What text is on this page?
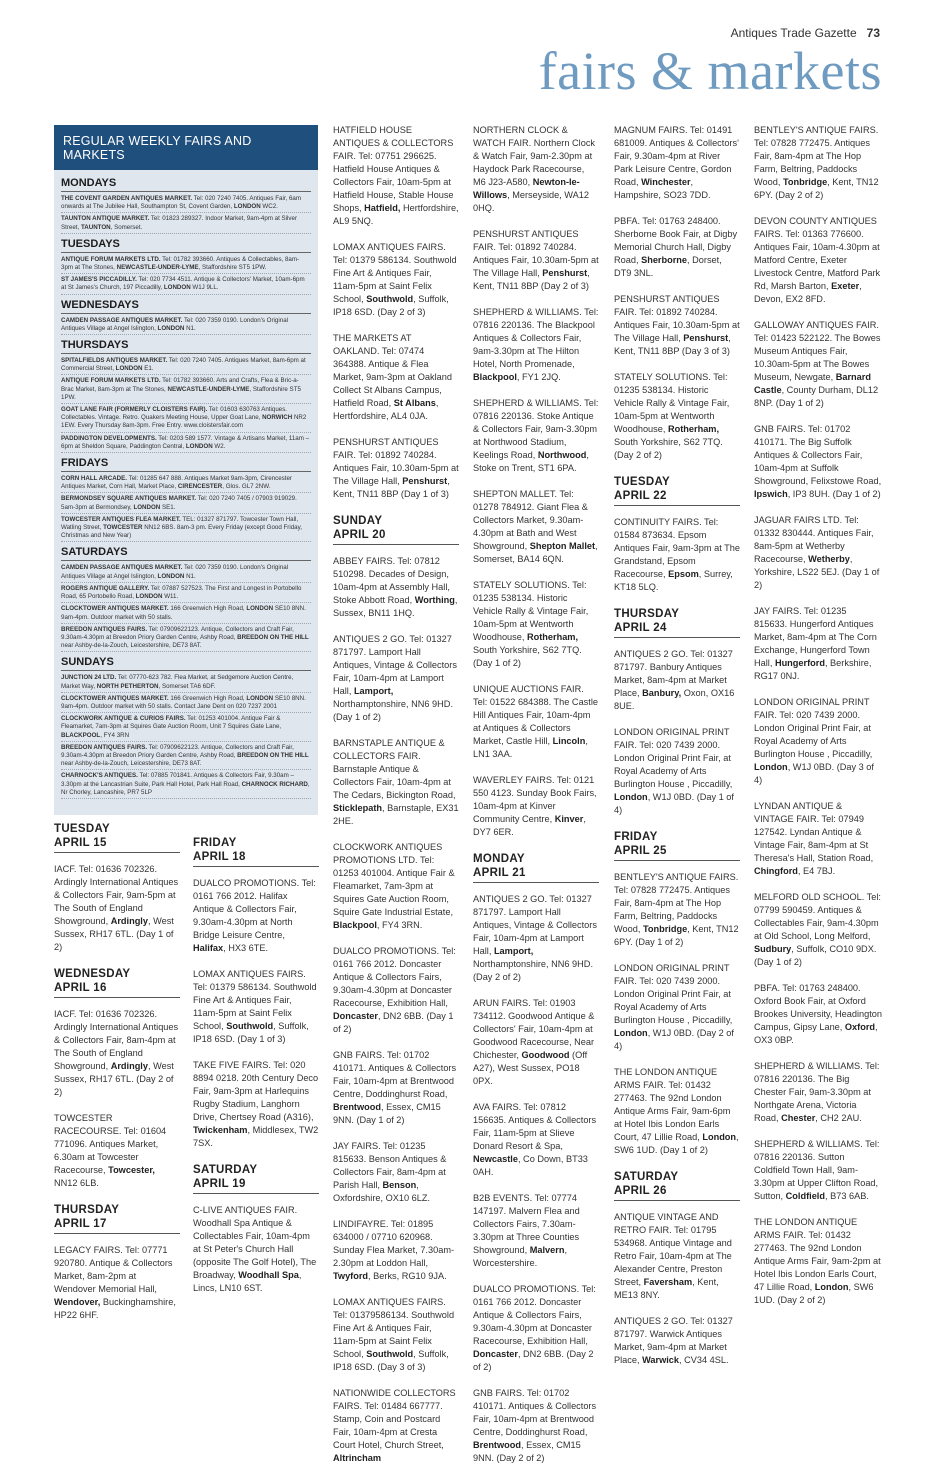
Antiques Trade Gazette 73
fairs & markets
REGULAR WEEKLY FAIRS AND MARKETS
MONDAYS
THE COVENT GARDEN ANTIQUES MARKET. Tel: 020 7240 7405. Antiques Fair, 6am onwards at The Jubilee Hall, Southampton St, Covent Garden, LONDON WC2.
TAUNTON ANTIQUE MARKET. Tel: 01823 289327. Indoor Market, 9am-4pm at Silver Street, TAUNTON, Somerset.
TUESDAYS
ANTIQUE FORUM MARKETS LTD. Tel: 01782 393660. Antiques & Collectables, 8am-3pm at The Stones, NEWCASTLE-UNDER-LYME, Staffordshire ST5 1PW.
ST JAMES'S PICCADILLY. Tel: 020 7734 4511. Antique & Collectors' Market, 10am-6pm at St James's Church, 197 Piccadilly, LONDON W1J 9LL.
WEDNESDAYS
CAMDEN PASSAGE ANTIQUES MARKET. Tel: 020 7359 0190. London's Original Antiques Village at Angel Islington, LONDON N1.
THURSDAYS
SPITALFIELDS ANTIQUES MARKET. Tel: 020 7240 7405. Antiques Market, 8am-6pm at Commercial Street, LONDON E1.
ANTIQUE FORUM MARKETS LTD. Tel: 01782 393660. Arts and Crafts, Flea & Bric-a-Brac Market, 8am-3pm at The Stones, NEWCASTLE-UNDER-LYME, Staffordshire ST5 1PW.
GOAT LANE FAIR (FORMERLY CLOISTERS FAIR). Tel: 01603 630763 Antiques. Collectables. Vintage. Retro. Quakers Meeting House, Upper Goat Lane, NORWICH NR2 1EW. Every Thursday 8am-3pm. Free Entry. www.cloistersfair.com
PADDINGTON DEVELOPMENTS. Tel: 0203 589 1577. Vintage & Artisans Market, 11am – 6pm at Sheldon Square, Paddington Central, LONDON W2.
FRIDAYS
CORN HALL ARCADE. Tel: 01285 647 888. Antiques Market 9am-3pm, Cirencester Antiques Market, Corn Hall, Market Place, CIRENCESTER, Glos. GL7 2NW.
BERMONDSEY SQUARE ANTIQUES MARKET. Tel: 020 7240 7405 / 07903 919029. 5am-3pm at Bermondsey, LONDON SE1.
TOWCESTER ANTIQUES FLEA MARKET. TEL: 01327 871797. Towcester Town Hall, Watling Street, TOWCESTER NN12 6BS. 8am-3 pm. Every Friday (except Good Friday, Christmas and New Year)
SATURDAYS
CAMDEN PASSAGE ANTIQUES MARKET. Tel: 020 7359 0190. London's Original Antiques Village at Angel Islington, LONDON N1.
ROGERS ANTIQUE GALLERY. Tel: 07887 527523. The First and Longest in Portobello Road, 65 Portobello Road, LONDON W11.
CLOCKTOWER ANTIQUES MARKET. 166 Greenwich High Road, LONDON SE10 8NN. 9am-4pm. Outdoor market with 50 stalls.
BREEDON ANTIQUES FAIRS. Tel: 07909622123. Antique, Collectors and Craft Fair, 9.30am-4.30pm at Breedon Priory Garden Centre, Ashby Road, BREEDON ON THE HILL near Ashby-de-la-Zouch, Leicestershire, DE73 8AT.
SUNDAYS
JUNCTION 24 LTD. Tel: 07770-623 782. Flea Market, at Sedgemore Auction Centre, Market Way, NORTH PETHERTON, Somerset TA6 6DF.
CLOCKTOWER ANTIQUES MARKET. 166 Greenwich High Road, LONDON SE10 8NN. 9am-4pm. Outdoor market with 50 stalls. Contact Jane Dent on 020 7237 2001
CLOCKWORK ANTIQUE & CURIOS FAIRS. Tel: 01253 401004. Antique Fair & Fleamarket, 7am-3pm at Squires Gate Auction Room, Unit 7 Squires Gate Lane, BLACKPOOL, FY4 3RN
BREEDON ANTIQUES FAIRS. Tel: 07909622123. Antique, Collectors and Craft Fair, 9.30am-4.30pm at Breedon Priory Garden Centre, Ashby Road, BREEDON ON THE HILL near Ashby-de-la-Zouch, Leicestershire, DE73 8AT.
CHARNOCK'S ANTIQUES. Tel: 07885 701841. Antiques & Collectors Fair, 9.30am – 3.30pm at the Lancastrian Suite, Park Hall Hotel, Park Hall Road, CHARNOCK RICHARD, Nr Chorley, Lancashire, PR7 5LP
TUESDAY
APRIL 15
IACF. Tel: 01636 702326. Ardingly International Antiques & Collectors Fair, 9am-5pm at The South of England Showground, Ardingly, West Sussex, RH17 6TL. (Day 1 of 2)
WEDNESDAY
APRIL 16
IACF. Tel: 01636 702326. Ardingly International Antiques & Collectors Fair, 8am-4pm at The South of England Showground, Ardingly, West Sussex, RH17 6TL. (Day 2 of 2)
TOWCESTER RACECOURSE. Tel: 01604 771096. Antiques Market, 6.30am at Towcester Racecourse, Towcester, NN12 6LB.
THURSDAY
APRIL 17
LEGACY FAIRS. Tel: 07771 920780. Antique & Collectors Market, 8am-2pm at Wendover Memorial Hall, Wendover, Buckinghamshire, HP22 6HF.
FRIDAY
APRIL 18
DUALCO PROMOTIONS. Tel: 0161 766 2012. Halifax Antique & Collectors Fair, 9.30am-4.30pm at North Bridge Leisure Centre, Halifax, HX3 6TE.
LOMAX ANTIQUES FAIRS. Tel: 01379 586134. Southwold Fine Art & Antiques Fair, 11am-5pm at Saint Felix School, Southwold, Suffolk, IP18 6SD. (Day 1 of 3)
TAKE FIVE FAIRS. Tel: 020 8894 0218. 20th Century Deco Fair, 9am-3pm at Harlequins Rugby Stadium, Langhorn Drive, Chertsey Road (A316), Twickenham, Middlesex, TW2 7SX.
SATURDAY
APRIL 19
C-LIVE ANTIQUES FAIR. Woodhall Spa Antique & Collectables Fair, 10am-4pm at St Peter's Church Hall (opposite The Golf Hotel), The Broadway, Woodhall Spa, Lincs, LN10 6ST.
HATFIELD HOUSE ANTIQUES & COLLECTORS FAIR. Tel: 07751 296625. Hatfield House Antiques & Collectors Fair, 10am-5pm at Hatfield House, Stable House Shops, Hatfield, Hertfordshire, AL9 5NQ.
LOMAX ANTIQUES FAIRS. Tel: 01379 586134. Southwold Fine Art & Antiques Fair, 11am-5pm at Saint Felix School, Southwold, Suffolk, IP18 6SD. (Day 2 of 3)
THE MARKETS AT OAKLAND. Tel: 07474 364388. Antique & Flea Market, 9am-3pm at Oakland Collect St Albans Campus, Hatfield Road, St Albans, Hertfordshire, AL4 0JA.
PENSHURST ANTIQUES FAIR. Tel: 01892 740284. Antiques Fair, 10.30am-5pm at The Village Hall, Penshurst, Kent, TN11 8BP (Day 1 of 3)
SUNDAY
APRIL 20
ABBEY FAIRS. Tel: 07812 510298. Decades of Design, 10am-4pm at Assembly Hall, Stoke Abbott Road, Worthing, Sussex, BN11 1HQ.
ANTIQUES 2 GO. Tel: 01327 871797. Lamport Hall Antiques, Vintage & Collectors Fair, 10am-4pm at Lamport Hall, Lamport, Northamptonshire, NN6 9HD. (Day 1 of 2)
BARNSTAPLE ANTIQUE & COLLECTORS FAIR. Barnstaple Antique & Collectors Fair, 10am-4pm at The Cedars, Bickington Road, Sticklepath, Barnstaple, EX31 2HE.
CLOCKWORK ANTIQUES PROMOTIONS LTD. Tel: 01253 401004. Antique Fair & Fleamarket, 7am-3pm at Squires Gate Auction Room, Squire Gate Industrial Estate, Blackpool, FY4 3RN.
DUALCO PROMOTIONS. Tel: 0161 766 2012. Doncaster Antique & Collectors Fairs, 9.30am-4.30pm at Doncaster Racecourse, Exhibition Hall, Doncaster, DN2 6BB. (Day 1 of 2)
GNB FAIRS. Tel: 01702 410171. Antiques & Collectors Fair, 10am-4pm at Brentwood Centre, Doddinghurst Road, Brentwood, Essex, CM15 9NN. (Day 1 of 2)
JAY FAIRS. Tel: 01235 815633. Benson Antiques & Collectors Fair, 8am-4pm at Parish Hall, Benson, Oxfordshire, OX10 6LZ.
LINDIFAYRE. Tel: 01895 634000 / 07710 620968. Sunday Flea Market, 7.30am-2.30pm at Loddon Hall, Twyford, Berks, RG10 9JA.
LOMAX ANTIQUES FAIRS. Tel: 01379586134. Southwold Fine Art & Antiques Fair, 11am-5pm at Saint Felix School, Southwold, Suffolk, IP18 6SD. (Day 3 of 3)
NATIONWIDE COLLECTORS FAIRS. Tel: 01484 667777. Stamp, Coin and Postcard Fair, 10am-4pm at Cresta Court Hotel, Church Street, Altrincham
NORTHERN CLOCK & WATCH FAIR. Northern Clock & Watch Fair, 9am-2.30pm at Haydock Park Racecourse, M6 J23-A580, Newton-le-Willows, Merseyside, WA12 0HQ.
PENSHURST ANTIQUES FAIR. Tel: 01892 740284. Antiques Fair, 10.30am-5pm at The Village Hall, Penshurst, Kent, TN11 8BP (Day 2 of 3)
SHEPHERD & WILLIAMS. Tel: 07816 220136. The Blackpool Antiques & Collectors Fair, 9am-3.30pm at The Hilton Hotel, North Promenade, Blackpool, FY1 2JQ.
SHEPHERD & WILLIAMS. Tel: 07816 220136. Stoke Antique & Collectors Fair, 9am-3.30pm at Northwood Stadium, Keelings Road, Northwood, Stoke on Trent, ST1 6PA.
SHEPTON MALLET. Tel: 01278 784912. Giant Flea & Collectors Market, 9.30am-4.30pm at Bath and West Showground, Shepton Mallet, Somerset, BA14 6QN.
STATELY SOLUTIONS. Tel: 01235 538134. Historic Vehicle Rally & Vintage Fair, 10am-5pm at Wentworth Woodhouse, Rotherham, South Yorkshire, S62 7TQ. (Day 1 of 2)
UNIQUE AUCTIONS FAIR. Tel: 01522 684388. The Castle Hill Antiques Fair, 10am-4pm at Antiques & Collectors Market, Castle Hill, Lincoln, LN1 3AA.
WAVERLEY FAIRS. Tel: 0121 550 4123. Sunday Book Fairs, 10am-4pm at Kinver Community Centre, Kinver, DY7 6ER.
MONDAY
APRIL 21
ANTIQUES 2 GO. Tel: 01327 871797. Lamport Hall Antiques, Vintage & Collectors Fair, 10am-4pm at Lamport Hall, Lamport, Northamptonshire, NN6 9HD. (Day 2 of 2)
ARUN FAIRS. Tel: 01903 734112. Goodwood Antique & Collectors' Fair, 10am-4pm at Goodwood Racecourse, Near Chichester, Goodwood (Off A27), West Sussex, PO18 0PX.
AVA FAIRS. Tel: 07812 156635. Antiques & Collectors Fair, 11am-5pm at Slieve Donard Resort & Spa, Newcastle, Co Down, BT33 0AH.
B2B EVENTS. Tel: 07774 147197. Malvern Flea and Collectors Fairs, 7.30am-3.30pm at Three Counties Showground, Malvern, Worcestershire.
DUALCO PROMOTIONS. Tel: 0161 766 2012. Doncaster Antique & Collectors Fairs, 9.30am-4.30pm at Doncaster Racecourse, Exhibition Hall, Doncaster, DN2 6BB. (Day 2 of 2)
GNB FAIRS. Tel: 01702 410171. Antiques & Collectors Fair, 10am-4pm at Brentwood Centre, Doddinghurst Road, Brentwood, Essex, CM15 9NN. (Day 2 of 2)
MAGNUM FAIRS. Tel: 01491 681009. Antiques & Collectors' Fair, 9.30am-4pm at River Park Leisure Centre, Gordon Road, Winchester, Hampshire, SO23 7DD.
PBFA. Tel: 01763 248400. Sherborne Book Fair, at Digby Memorial Church Hall, Digby Road, Sherborne, Dorset, DT9 3NL.
PENSHURST ANTIQUES FAIR. Tel: 01892 740284. Antiques Fair, 10.30am-5pm at The Village Hall, Penshurst, Kent, TN11 8BP (Day 3 of 3)
STATELY SOLUTIONS. Tel: 01235 538134. Historic Vehicle Rally & Vintage Fair, 10am-5pm at Wentworth Woodhouse, Rotherham, South Yorkshire, S62 7TQ. (Day 2 of 2)
TUESDAY
APRIL 22
CONTINUITY FAIRS. Tel: 01584 873634. Epsom Antiques Fair, 9am-3pm at The Grandstand, Epsom Racecourse, Epsom, Surrey, KT18 5LQ.
THURSDAY
APRIL 24
ANTIQUES 2 GO. Tel: 01327 871797. Banbury Antiques Market, 8am-4pm at Market Place, Banbury, Oxon, OX16 8UE.
LONDON ORIGINAL PRINT FAIR. Tel: 020 7439 2000. London Original Print Fair, at Royal Academy of Arts Burlington House , Piccadilly, London, W1J 0BD. (Day 1 of 4)
FRIDAY
APRIL 25
BENTLEY'S ANTIQUE FAIRS. Tel: 07828 772475. Antiques Fair, 8am-4pm at The Hop Farm, Beltring, Paddocks Wood, Tonbridge, Kent, TN12 6PY. (Day 1 of 2)
LONDON ORIGINAL PRINT FAIR. Tel: 020 7439 2000. London Original Print Fair, at Royal Academy of Arts Burlington House , Piccadilly, London, W1J 0BD. (Day 2 of 4)
THE LONDON ANTIQUE ARMS FAIR. Tel: 01432 277463. The 92nd London Antique Arms Fair, 9am-6pm at Hotel Ibis London Earls Court, 47 Lillie Road, London, SW6 1UD. (Day 1 of 2)
SATURDAY
APRIL 26
ANTIQUE VINTAGE AND RETRO FAIR. Tel: 01795 534968. Antique Vintage and Retro Fair, 10am-4pm at The Alexander Centre, Preston Street, Faversham, Kent, ME13 8NY.
ANTIQUES 2 GO. Tel: 01327 871797. Warwick Antiques Market, 9am-4pm at Market Place, Warwick, CV34 4SL.
BENTLEY'S ANTIQUE FAIRS. Tel: 07828 772475. Antiques Fair, 8am-4pm at The Hop Farm, Beltring, Paddocks Wood, Tonbridge, Kent, TN12 6PY. (Day 2 of 2)
DEVON COUNTY ANTIQUES FAIRS. Tel: 01363 776600. Antiques Fair, 10am-4.30pm at Matford Centre, Exeter Livestock Centre, Matford Park Rd, Marsh Barton, Exeter, Devon, EX2 8FD.
GALLOWAY ANTIQUES FAIR. Tel: 01423 522122. The Bowes Museum Antiques Fair, 10.30am-5pm at The Bowes Museum, Newgate, Barnard Castle, County Durham, DL12 8NP. (Day 1 of 2)
GNB FAIRS. Tel: 01702 410171. The Big Suffolk Antiques & Collectors Fair, 10am-4pm at Suffolk Showground, Felixstowe Road, Ipswich, IP3 8UH. (Day 1 of 2)
JAGUAR FAIRS LTD. Tel: 01332 830444. Antiques Fair, 8am-5pm at Wetherby Racecourse, Wetherby, Yorkshire, LS22 5EJ. (Day 1 of 2)
JAY FAIRS. Tel: 01235 815633. Hungerford Antiques Market, 8am-4pm at The Corn Exchange, Hungerford Town Hall, Hungerford, Berkshire, RG17 0NJ.
LONDON ORIGINAL PRINT FAIR. Tel: 020 7439 2000. London Original Print Fair, at Royal Academy of Arts Burlington House , Piccadilly, London, W1J 0BD. (Day 3 of 4)
LYNDAN ANTIQUE & VINTAGE FAIR. Tel: 07949 127542. Lyndan Antique & Vintage Fair, 8am-4pm at St Theresa's Hall, Station Road, Chingford, E4 7BJ.
MELFORD OLD SCHOOL. Tel: 07799 590459. Antiques & Collectables Fair, 9am-4.30pm at Old School, Long Melford, Sudbury, Suffolk, CO10 9DX. (Day 1 of 2)
PBFA. Tel: 01763 248400. Oxford Book Fair, at Oxford Brookes University, Headington Campus, Gipsy Lane, Oxford, OX3 0BP.
SHEPHERD & WILLIAMS. Tel: 07816 220136. The Big Chester Fair, 9am-3.30pm at Northgate Arena, Victoria Road, Chester, CH2 2AU.
SHEPHERD & WILLIAMS. Tel: 07816 220136. Sutton Coldfield Town Hall, 9am-3.30pm at Upper Clifton Road, Sutton, Coldfield, B73 6AB.
THE LONDON ANTIQUE ARMS FAIR. Tel: 01432 277463. The 92nd London Antique Arms Fair, 9am-2pm at Hotel Ibis London Earls Court, 47 Lillie Road, London, SW6 1UD. (Day 2 of 2)
